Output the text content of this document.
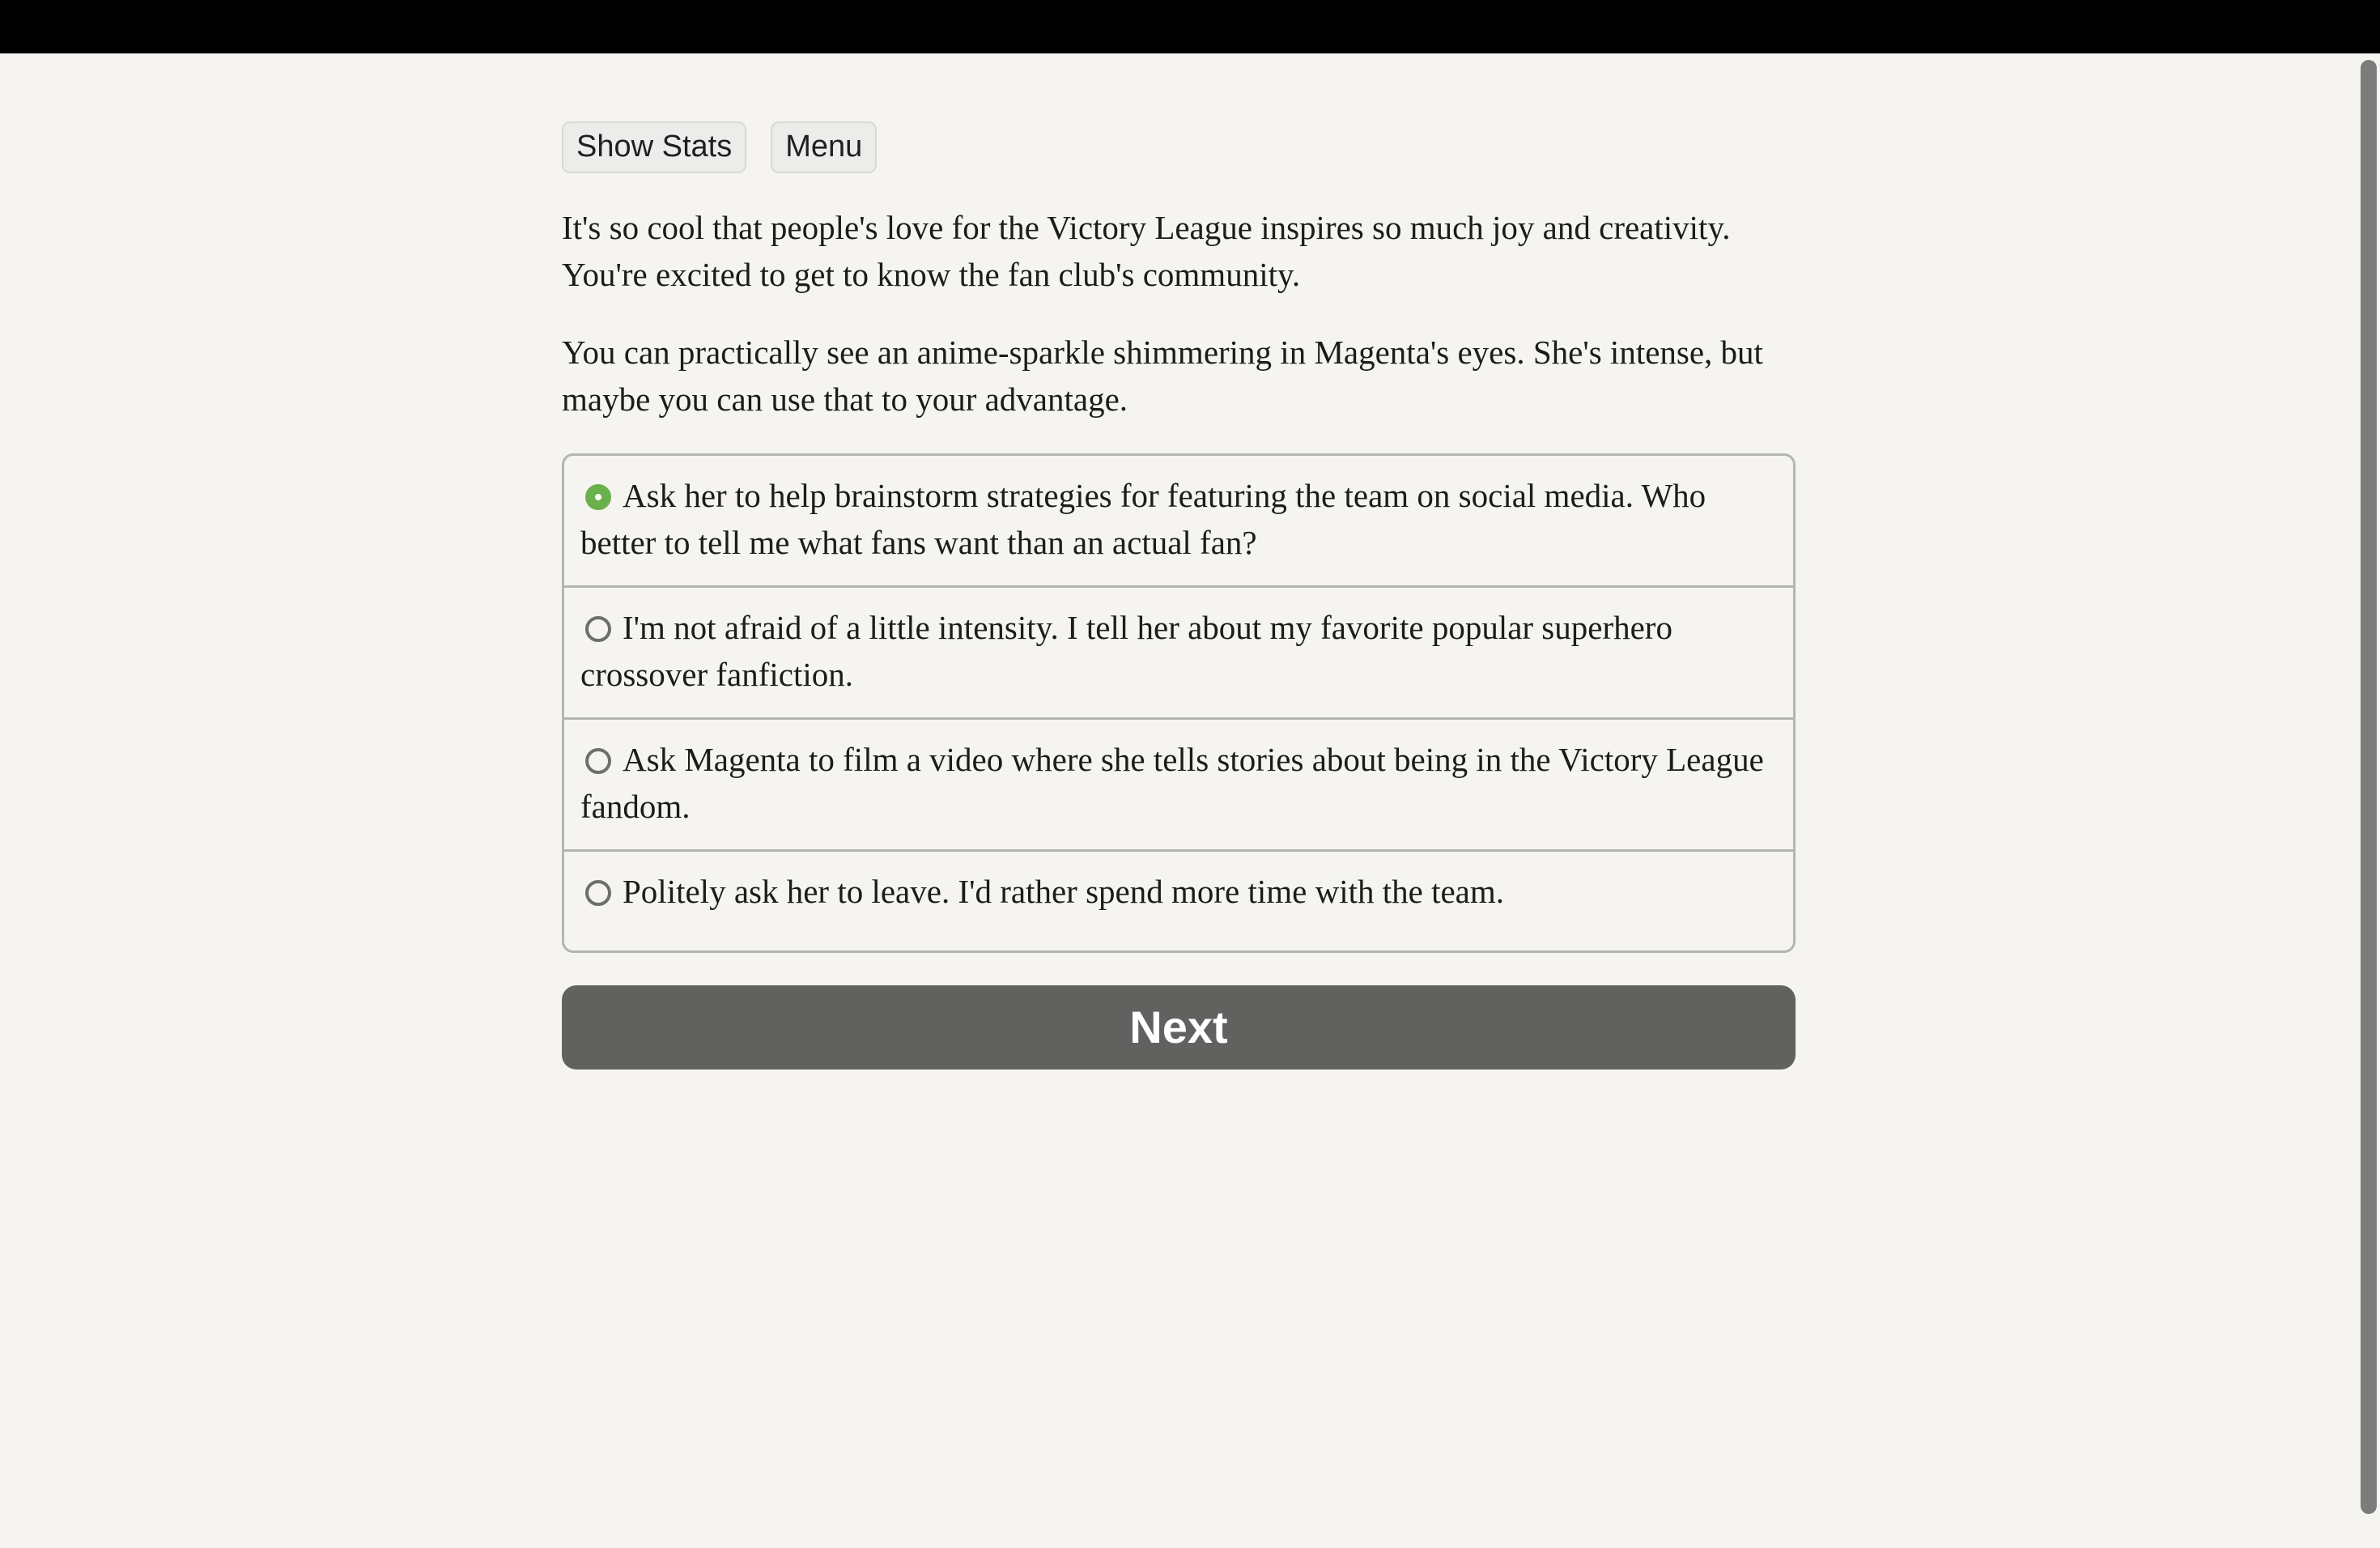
Show Stats	Menu

It's so cool that people's love for the Victory League inspires so much joy and creativity. You're excited to get to know the fan club's community.

You can practically see an anime-sparkle shimmering in Magenta's eyes. She's intense, but maybe you can use that to your advantage.

Ask her to help brainstorm strategies for featuring the team on social media. Who better to tell me what fans want than an actual fan?
I'm not afraid of a little intensity. I tell her about my favorite popular superhero crossover fanfiction.
Ask Magenta to film a video where she tells stories about being in the Victory League fandom.
Politely ask her to leave. I'd rather spend more time with the team.
Next
